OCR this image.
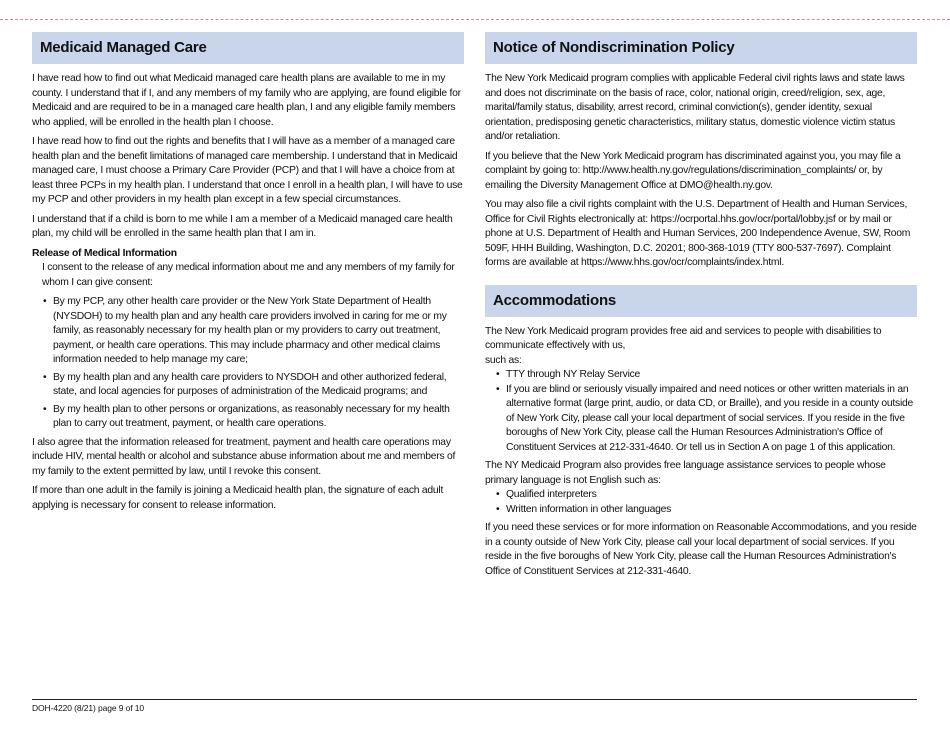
Medicaid Managed Care

I have read how to find out what Medicaid managed care health plans are available to me in my county. I understand that if I, and any members of my family who are applying, are found eligible for Medicaid and are required to be in a managed care health plan, I and any eligible family members who applied, will be enrolled in the health plan I choose.

I have read how to find out the rights and benefits that I will have as a member of a managed care health plan and the benefit limitations of managed care membership. I understand that in Medicaid managed care, I must choose a Primary Care Provider (PCP) and that I will have a choice from at least three PCPs in my health plan. I understand that once I enroll in a health plan, I will have to use my PCP and other providers in my health plan except in a few special circumstances.

I understand that if a child is born to me while I am a member of a Medicaid managed care health plan, my child will be enrolled in the same health plan that I am in.

Release of Medical Information

I consent to the release of any medical information about me and any members of my family for whom I can give consent:

• By my PCP, any other health care provider or the New York State Department of Health (NYSDOH) to my health plan and any health care providers involved in caring for me or my family, as reasonably necessary for my health plan or my providers to carry out treatment, payment, or health care operations. This may include pharmacy and other medical claims information needed to help manage my care;
• By my health plan and any health care providers to NYSDOH and other authorized federal, state, and local agencies for purposes of administration of the Medicaid programs; and
• By my health plan to other persons or organizations, as reasonably necessary for my health plan to carry out treatment, payment, or health care operations.

I also agree that the information released for treatment, payment and health care operations may include HIV, mental health or alcohol and substance abuse information about me and members of my family to the extent permitted by law, until I revoke this consent.

If more than one adult in the family is joining a Medicaid health plan, the signature of each adult applying is necessary for consent to release information.

Notice of Nondiscrimination Policy

The New York Medicaid program complies with applicable Federal civil rights laws and state laws and does not discriminate on the basis of race, color, national origin, creed/religion, sex, age, marital/family status, disability, arrest record, criminal conviction(s), gender identity, sexual orientation, predisposing genetic characteristics, military status, domestic violence victim status and/or retaliation.

If you believe that the New York Medicaid program has discriminated against you, you may file a complaint by going to: http://www.health.ny.gov/regulations/discrimination_complaints/ or, by emailing the Diversity Management Office at DMO@health.ny.gov.

You may also file a civil rights complaint with the U.S. Department of Health and Human Services, Office for Civil Rights electronically at: https://ocrportal.hhs.gov/ocr/portal/lobby.jsf or by mail or phone at U.S. Department of Health and Human Services, 200 Independence Avenue, SW, Room 509F, HHH Building, Washington, D.C. 20201; 800-368-1019 (TTY 800-537-7697). Complaint forms are available at https://www.hhs.gov/ocr/complaints/index.html.

Accommodations

The New York Medicaid program provides free aid and services to people with disabilities to communicate effectively with us,

such as:

• TTY through NY Relay Service
• If you are blind or seriously visually impaired and need notices or other written materials in an alternative format (large print, audio, or data CD, or Braille), and you reside in a county outside of New York City, please call your local department of social services. If you reside in the five boroughs of New York City, please call the Human Resources Administration's Office of Constituent Services at 212-331-4640. Or tell us in Section A on page 1 of this application.

The NY Medicaid Program also provides free language assistance services to people whose primary language is not English such as:

• Qualified interpreters
• Written information in other languages

If you need these services or for more information on Reasonable Accommodations, and you reside in a county outside of New York City, please call your local department of social services. If you reside in the five boroughs of New York City, please call the Human Resources Administration's Office of Constituent Services at 212-331-4640.

DOH-4220 (8/21) page 9 of 10
